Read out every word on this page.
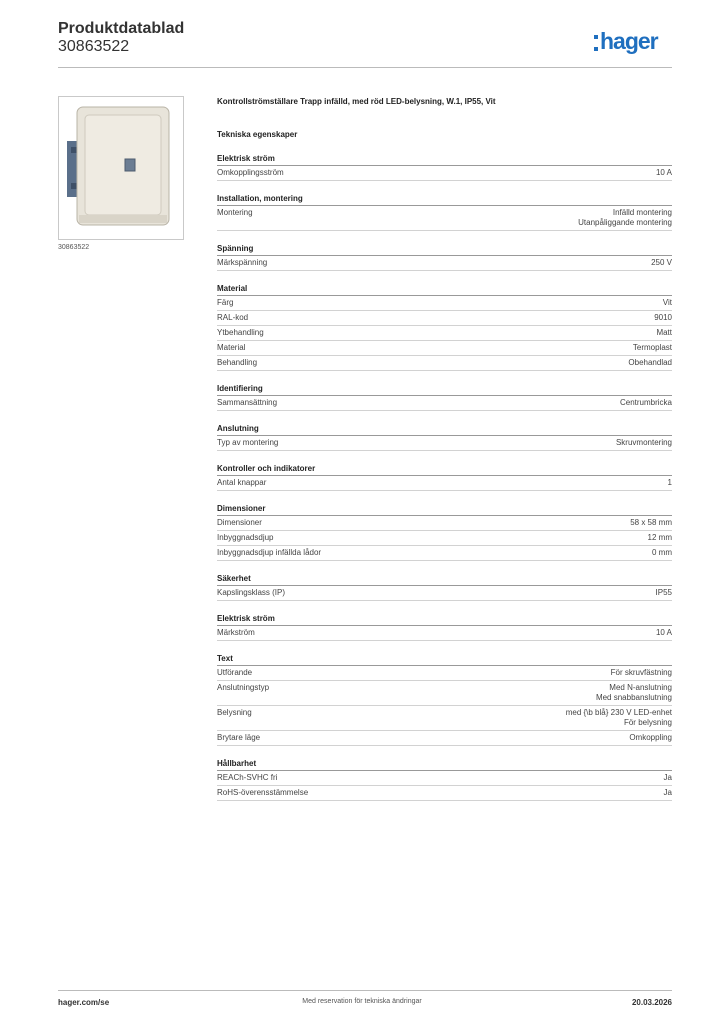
Produktdatablad
30863522	hager
30863522
Kontrollströmställare Trapp infälld, med röd LED-belysning, W.1, IP55, Vit
Tekniska egenskaper
Elektrisk ström
Omkopplingsström	10 A
Installation, montering
Montering	Infälld montering
Utanpåliggande montering
Spänning
Märkspänning	250 V
Material
Färg	Vit
RAL-kod	9010
Ytbehandling	Matt
Material	Termoplast
Behandling	Obehandlad
Identifiering
Sammansättning	Centrumbricka
Anslutning
Typ av montering	Skruvmontering
Kontroller och indikatorer
Antal knappar	1
Dimensioner
Dimensioner	58 x 58 mm
Inbyggnadsdjup	12 mm
Inbyggnadsdjup infällda lådor	0 mm
Säkerhet
Kapslingsklass (IP)	IP55
Elektrisk ström
Märkström	10 A
Text
Utförande	För skruvfästning
Anslutningstyp	Med N-anslutning
Med snabbanslutning
Belysning	med {\b blå} 230 V LED-enhet
För belysning
Brytare läge	Omkoppling
Hållbarhet
REACh-SVHC fri	Ja
RoHS-överensstämmelse	Ja
hager.com/se	Med reservation för tekniska ändringar	20.03.2026
